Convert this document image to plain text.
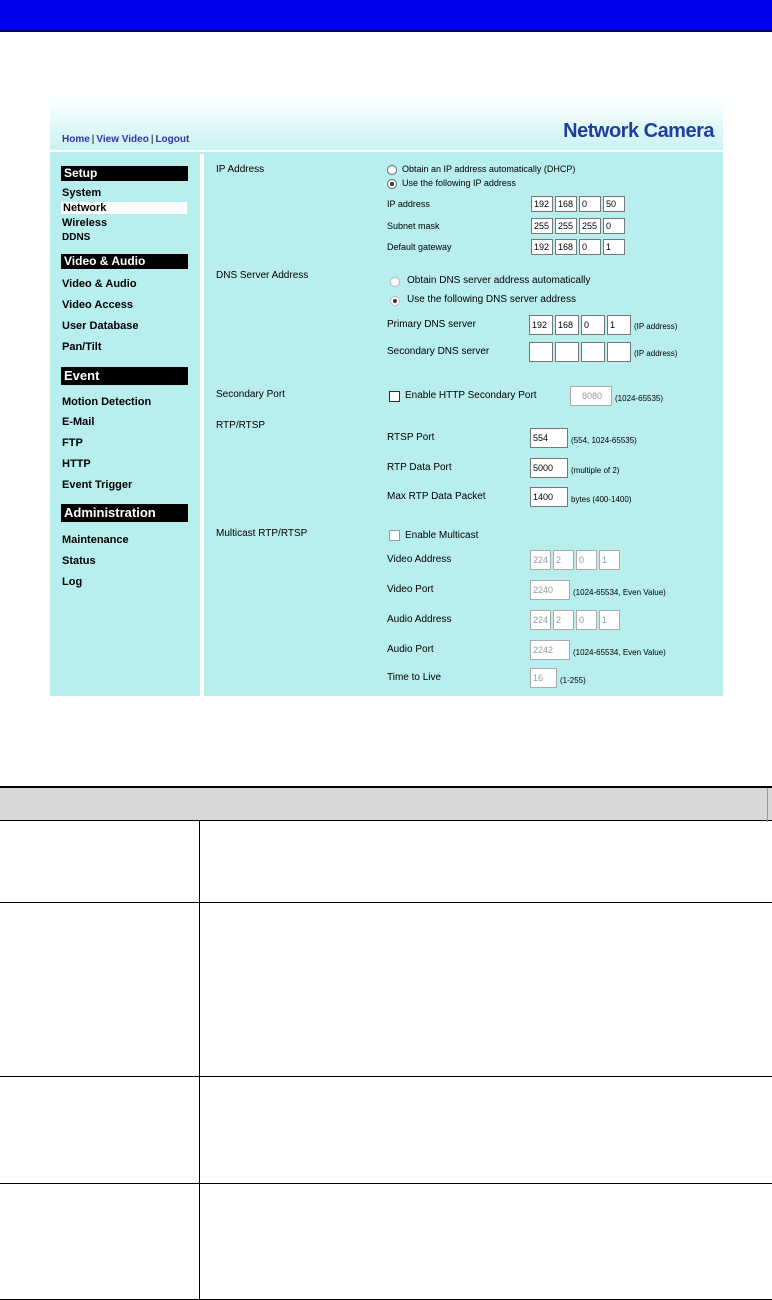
Home | View Video | Logout	Network Camera
Setup
System
Network
Wireless
DDNS
Video & Audio
Video & Audio
Video Access
User Database
Pan/Tilt
Event
Motion Detection
E-Mail
FTP
HTTP
Event Trigger
Administration
Maintenance
Status
Log
IP Address	Obtain an IP address automatically (DHCP)
Use the following IP address
IP address	192 168 0	50
Subnet mask	255 255 255 0
Default gateway	192 168 0	1
DNS Server Address	Obtain DNS server address automatically
Use the following DNS server address
Primary DNS server	192	168	0	1	(IP address)
Secondary DNS server	(IP address)
Secondary Port	Enable HTTP Secondary Port	8080	(1024-65535)
RTP/RTSP
RTSP Port	554	(554, 1024-65535)
RTP Data Port	5000	(multiple of 2)
Max RTP Data Packet	1400	bytes (400-1400)
Multicast RTP/RTSP	Enable Multicast
Video Address	224 2	0	1
Video Port	2240	(1024-65534, Even Value)
Audio Address	224 2	0	1
Audio Port	2242	(1024-65534, Even Value)
Time to Live	16	(1-255)
